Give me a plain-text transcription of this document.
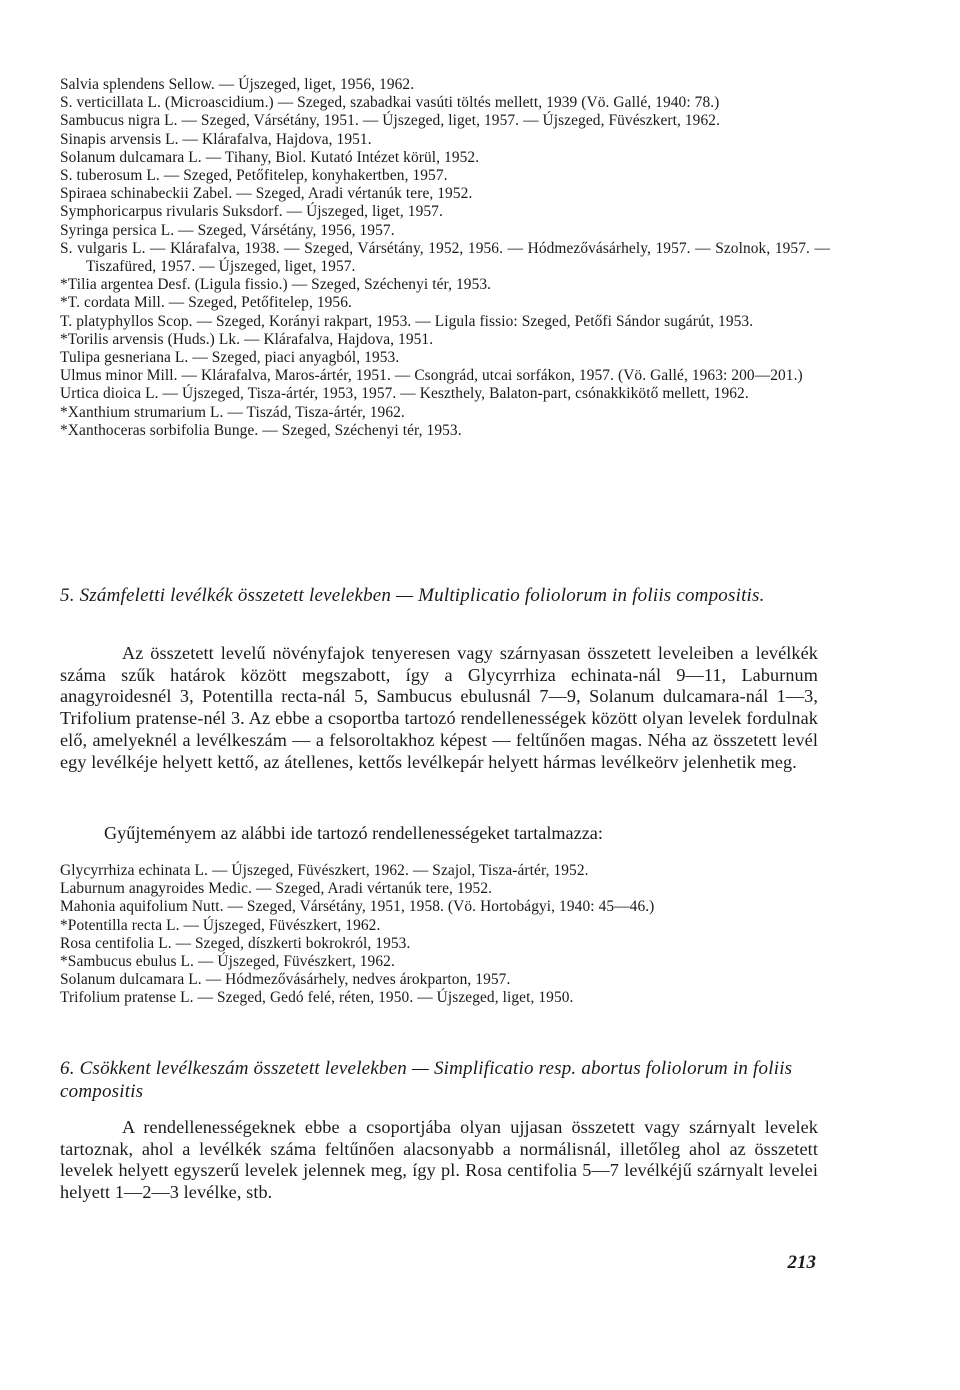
Salvia splendens Sellow. — Újszeged, liget, 1956, 1962.
S. verticillata L. (Microascidium.) — Szeged, szabadkai vasúti töltés mellett, 1939 (Vö. Gallé, 1940: 78.)
Sambucus nigra L. — Szeged, Vársétány, 1951. — Újszeged, liget, 1957. — Újszeged, Füvészkert, 1962.
Sinapis arvensis L. — Klárafalva, Hajdova, 1951.
Solanum dulcamara L. — Tihany, Biol. Kutató Intézet körül, 1952.
S. tuberosum L. — Szeged, Petőfitelep, konyhakertben, 1957.
Spiraea schinabeckii Zabel. — Szeged, Aradi vértanúk tere, 1952.
Symphoricarpus rivularis Suksdorf. — Újszeged, liget, 1957.
Syringa persica L. — Szeged, Vársétány, 1956, 1957.
S. vulgaris L. — Klárafalva, 1938. — Szeged, Vársétány, 1952, 1956. — Hódmezővásárhely, 1957. — Szolnok, 1957. — Tiszafüred, 1957. — Újszeged, liget, 1957.
*Tilia argentea Desf. (Ligula fissio.) — Szeged, Széchenyi tér, 1953.
*T. cordata Mill. — Szeged, Petőfitelep, 1956.
T. platyphyllos Scop. — Szeged, Korányi rakpart, 1953. — Ligula fissio: Szeged, Petőfi Sándor sugárút, 1953.
*Torilis arvensis (Huds.) Lk. — Klárafalva, Hajdova, 1951.
Tulipa gesneriana L. — Szeged, piaci anyagból, 1953.
Ulmus minor Mill. — Klárafalva, Maros-ártér, 1951. — Csongrád, utcai sorfákon, 1957. (Vö. Gallé, 1963: 200—201.)
Urtica dioica L. — Újszeged, Tisza-ártér, 1953, 1957. — Keszthely, Balaton-part, csónakkikötő mellett, 1962.
*Xanthium strumarium L. — Tiszád, Tisza-ártér, 1962.
*Xanthoceras sorbifolia Bunge. — Szeged, Széchenyi tér, 1953.
5. Számfeletti levélkék összetett levelekben — Multiplicatio foliolorum in foliis compositis.

Az összetett levelű növényfajok tenyeresen vagy szárnyasan összetett leveleiben a levélkék száma szűk határok között megszabott, így a Glycyrrhiza echinata-nál 9—11, Laburnum anagyroidesnél 3, Potentilla recta-nál 5, Sambucus ebulusnál 7—9, Solanum dulcamara-nál 1—3, Trifolium pratense-nél 3. Az ebbe a csoportba tartozó rendellenességek között olyan levelek fordulnak elő, amelyeknél a levélkeszám — a felsoroltakhoz képest — feltűnően magas. Néha az összetett levél egy levélkéje helyett kettő, az átellenes, kettős levélkepár helyett hármas levélkeörv jelenhetik meg.

Gyűjteményem az alábbi ide tartozó rendellenességeket tartalmazza:
Glycyrrhiza echinata L. — Újszeged, Füvészkert, 1962. — Szajol, Tisza-ártér, 1952.
Laburnum anagyroides Medic. — Szeged, Aradi vértanúk tere, 1952.
Mahonia aquifolium Nutt. — Szeged, Vársétány, 1951, 1958. (Vö. Hortobágyi, 1940: 45—46.)
*Potentilla recta L. — Újszeged, Füvészkert, 1962.
Rosa centifolia L. — Szeged, díszkerti bokrokról, 1953.
*Sambucus ebulus L. — Újszeged, Füvészkert, 1962.
Solanum dulcamara L. — Hódmezővásárhely, nedves árokparton, 1957.
Trifolium pratense L. — Szeged, Gedó felé, réten, 1950. — Újszeged, liget, 1950.
6. Csökkent levélkeszám összetett levelekben — Simplificatio resp. abortus foliolorum in foliis compositis

A rendellenességeknek ebbe a csoportjába olyan ujjasan összetett vagy szárnyalt levelek tartoznak, ahol a levélkék száma feltűnően alacsonyabb a normálisnál, illetőleg ahol az összetett levelek helyett egyszerű levelek jelennek meg, így pl. Rosa centifolia 5—7 levélkéjű szárnyalt levelei helyett 1—2—3 levélke, stb.

213
